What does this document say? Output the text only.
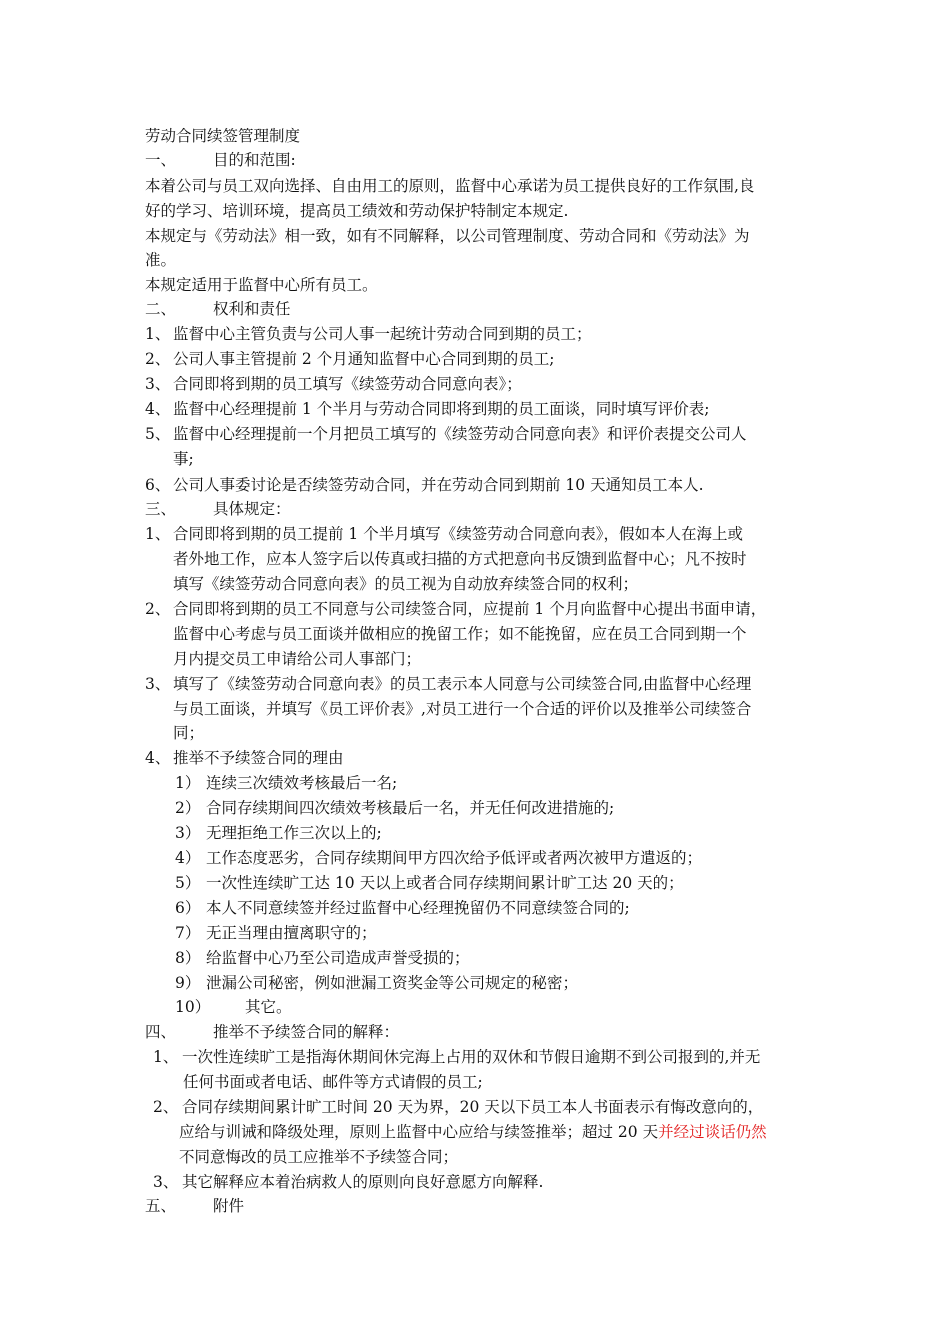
劳动合同续签管理制度
一、 目的和范围:
本着公司与员工双向选择、自由用工的原则，监督中心承诺为员工提供良好的工作氛围,良
好的学习、培训环境，提高员工绩效和劳动保护特制定本规定.
本规定与《劳动法》相一致，如有不同解释，以公司管理制度、劳动合同和《劳动法》为
准。
本规定适用于监督中心所有员工。
二、 权利和责任
1、 监督中心主管负责与公司人事一起统计劳动合同到期的员工；
2、 公司人事主管提前 2 个月通知监督中心合同到期的员工;
3、 合同即将到期的员工填写《续签劳动合同意向表》；
4、 监督中心经理提前 1 个半月与劳动合同即将到期的员工面谈，同时填写评价表;
5、 监督中心经理提前一个月把员工填写的《续签劳动合同意向表》和评价表提交公司人
事;
6、 公司人事委讨论是否续签劳动合同，并在劳动合同到期前 10 天通知员工本人.
三、 具体规定：
1、 合同即将到期的员工提前 1 个半月填写《续签劳动合同意向表》，假如本人在海上或
者外地工作，应本人签字后以传真或扫描的方式把意向书反馈到监督中心；凡不按时
填写《续签劳动合同意向表》的员工视为自动放弃续签合同的权利；
2、 合同即将到期的员工不同意与公司续签合同，应提前 1 个月向监督中心提出书面申请，
监督中心考虑与员工面谈并做相应的挽留工作；如不能挽留，应在员工合同到期一个
月内提交员工申请给公司人事部门；
3、 填写了《续签劳动合同意向表》的员工表示本人同意与公司续签合同,由监督中心经理
与员工面谈，并填写《员工评价表》,对员工进行一个合适的评价以及推举公司续签合
同；
4、 推举不予续签合同的理由
1） 连续三次绩效考核最后一名;
2） 合同存续期间四次绩效考核最后一名，并无任何改进措施的;
3） 无理拒绝工作三次以上的;
4） 工作态度恶劣，合同存续期间甲方四次给予低评或者两次被甲方遣返的；
5） 一次性连续旷工达 10 天以上或者合同存续期间累计旷工达 20 天的；
6） 本人不同意续签并经过监督中心经理挽留仍不同意续签合同的;
7） 无正当理由擅离职守的；
8） 给监督中心乃至公司造成声誉受损的；
9） 泄漏公司秘密，例如泄漏工资奖金等公司规定的秘密；
10） 其它。
四、 推举不予续签合同的解释：
1、 一次性连续旷工是指海休期间休完海上占用的双休和节假日逾期不到公司报到的,并无
任何书面或者电话、邮件等方式请假的员工;
2、 合同存续期间累计旷工时间 20 天为界，20 天以下员工本人书面表示有悔改意向的，
应给与训诫和降级处理，原则上监督中心应给与续签推举；超过 20 天并经过谈话仍然
不同意悔改的员工应推举不予续签合同；
3、 其它解释应本着治病救人的原则向良好意愿方向解释.
五、 附件
